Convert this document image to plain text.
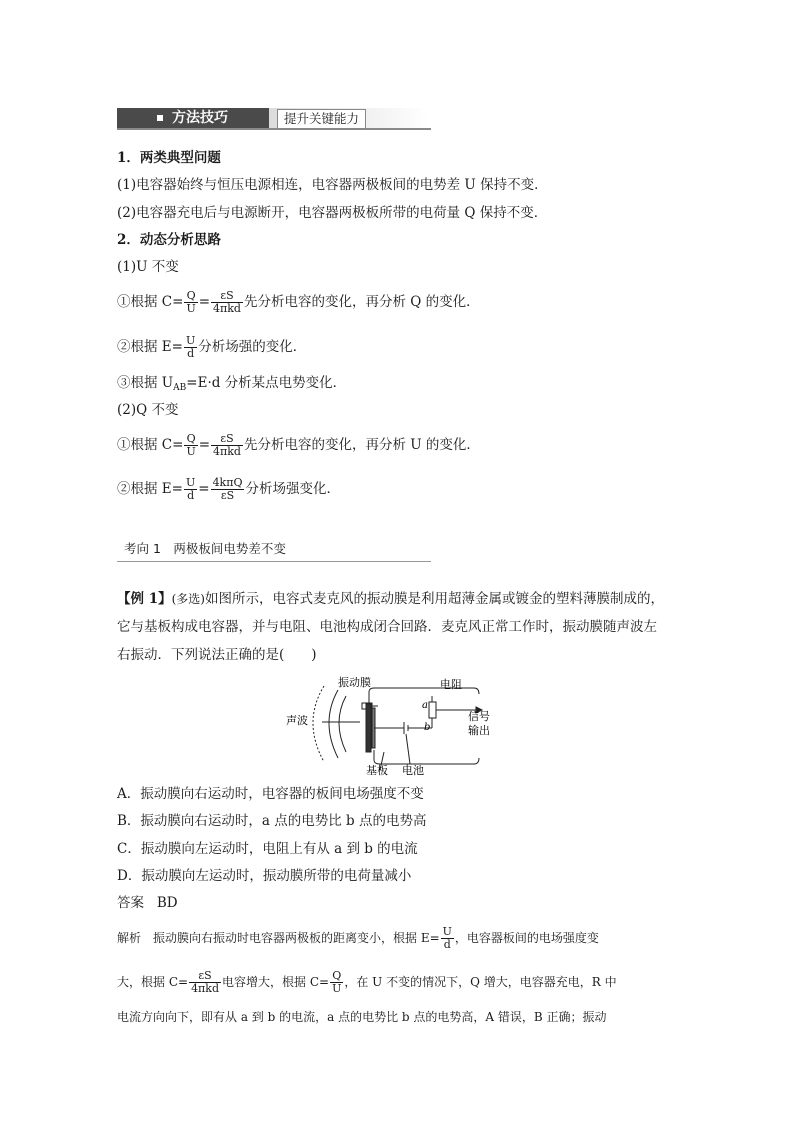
方法技巧	提升关键能力
1．两类典型问题
(1)电容器始终与恒压电源相连，电容器两极板间的电势差 U 保持不变．
(2)电容器充电后与电源断开，电容器两极板所带的电荷量 Q 保持不变．
2．动态分析思路
(1)U 不变
①根据 $C= \frac{Q}{U} = \frac{\varepsilon S}{\text{4πkd}}$ 先分析电容的变化，再分析 Q 的变化．
②根据 $E= \frac{U}{d}$ 分析场强的变化．
③根据 $U_{AB}=E\cdot d$ 分析某点电势变化．
(2)Q 不变
①根据 $C= \frac{Q}{U} = \frac{\varepsilon S}{\text{4πkd}}$ 先分析电容的变化，再分析 U 的变化．
②根据 $E= \frac{U}{d} = \frac{\text{4kπQ}}{\varepsilon S}$ 分析场强变化．
考向 1　两极板间电势差不变
【例 1】(多选)如图所示，电容式麦克风的振动膜是利用超薄金属或镀金的塑料薄膜制成的，
它与基板构成电容器，并与电阻、电池构成闭合回路．麦克风正常工作时，振动膜随声波左
右振动．下列说法正确的是(　　)
振动膜	电阻
声波	信号
输出
基板 电池
a
b
A．振动膜向右运动时，电容器的板间电场强度不变
B．振动膜向右运动时，a 点的电势比 b 点的电势高
C．振动膜向左运动时，电阻上有从 a 到 b 的电流
D．振动膜向左运动时，振动膜所带的电荷量减小
答案 BD
解析　振动膜向右振动时电容器两极板的距离变小，根据 $E= \frac{U}{d}$ ，电容器板间的电场强度变
大，根据 $C= \frac{\varepsilon S}{\text{4πkd}}$ 电容增大，根据 $C= \frac{Q}{U}$ ，在 U 不变的情况下，Q 增大，电容器充电，R 中
电流方向向下，即有从 a 到 b 的电流，a 点的电势比 b 点的电势高，A 错误，B 正确；振动
